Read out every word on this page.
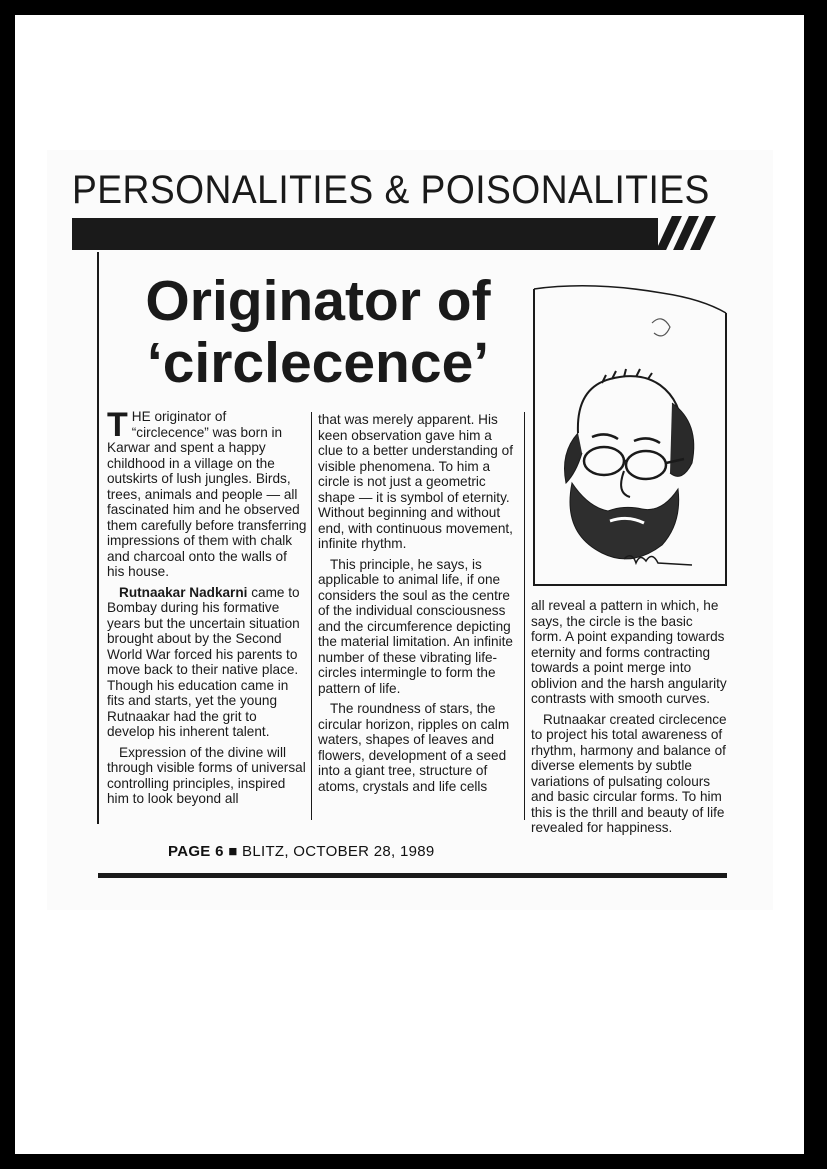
PERSONALITIES & POISONALITIES
Originator of
‘circlecence’

THE originator of “circlecence” was born in Karwar and spent a happy childhood in a village on the outskirts of lush jungles. Birds, trees, animals and people — all fascinated him and he observed them carefully before transferring impressions of them with chalk and charcoal onto the walls of his house.

Rutnaakar Nadkarni came to Bombay during his formative years but the uncertain situation brought about by the Second World War forced his parents to move back to their native place. Though his education came in fits and starts, yet the young Rutnaakar had the grit to develop his inherent talent.

Expression of the divine will through visible forms of universal controlling principles, inspired him to look beyond all

that was merely apparent. His keen observation gave him a clue to a better understanding of visible phenomena. To him a circle is not just a geometric shape — it is symbol of eternity. Without beginning and without end, with continuous movement, infinite rhythm.

This principle, he says, is applicable to animal life, if one considers the soul as the centre of the individual consciousness and the circumference depicting the material limitation. An infinite number of these vibrating life-circles intermingle to form the pattern of life.

The roundness of stars, the circular horizon, ripples on calm waters, shapes of leaves and flowers, development of a seed into a giant tree, structure of atoms, crystals and life cells

all reveal a pattern in which, he says, the circle is the basic form. A point expanding towards eternity and forms contracting towards a point merge into oblivion and the harsh angularity contrasts with smooth curves.

Rutnaakar created circlecence to project his total awareness of rhythm, harmony and balance of diverse elements by subtle variations of pulsating colours and basic circular forms. To him this is the thrill and beauty of life revealed for happiness.

PAGE 6 ■ BLITZ, OCTOBER 28, 1989
